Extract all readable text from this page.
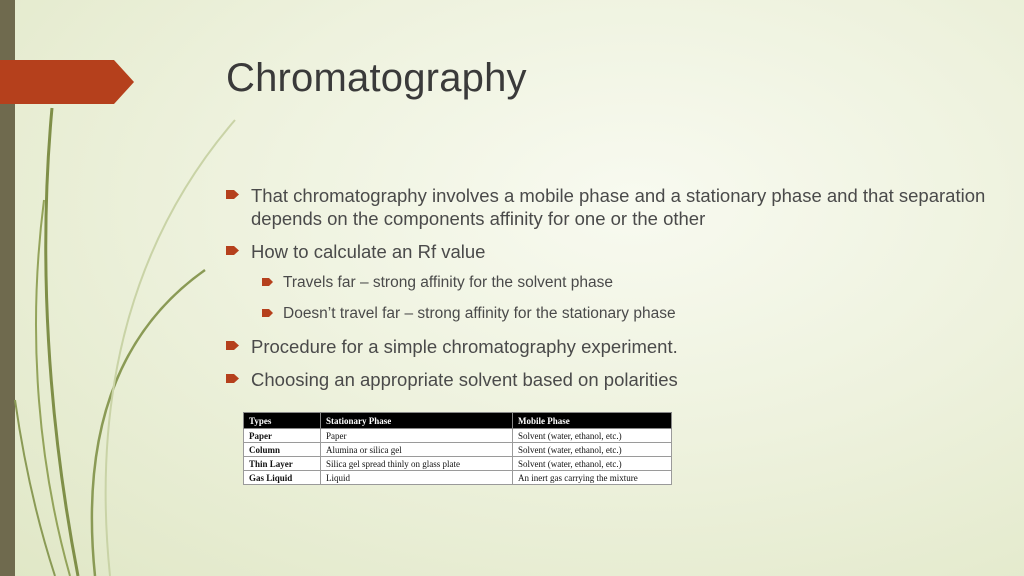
Chromatography
That chromatography involves a mobile phase and a stationary phase and that separation depends on the components affinity for one or the other
How to calculate an Rf value
Travels far – strong affinity for the solvent phase
Doesn’t travel far – strong affinity for the stationary phase
Procedure for a simple chromatography experiment.
Choosing an appropriate solvent based on polarities
Types	Stationary Phase	Mobile Phase
Paper	Paper	Solvent (water, ethanol, etc.)
Column	Alumina or silica gel	Solvent (water, ethanol, etc.)
Thin Layer	Silica gel spread thinly on glass plate	Solvent (water, ethanol, etc.)
Gas Liquid	Liquid	An inert gas carrying the mixture
